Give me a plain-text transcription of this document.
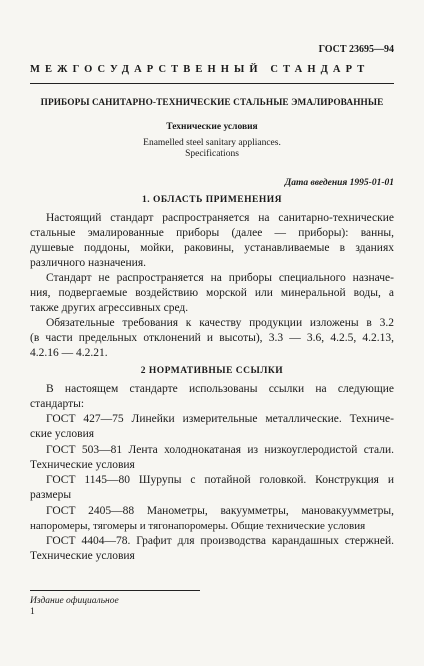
ГОСТ 23695—94
МЕЖГОСУДАРСТВЕННЫЙ СТАНДАРТ
ПРИБОРЫ САНИТАРНО-ТЕХНИЧЕСКИЕ СТАЛЬНЫЕ ЭМАЛИРОВАННЫЕ
Технические условия
Enamelled steel sanitary appliances.
Specifications
Дата введения 1995-01-01
1. ОБЛАСТЬ ПРИМЕНЕНИЯ
Настоящий стандарт распространяется на санитарно-технические
стальные эмалированные приборы (далее — приборы): ванны,
душевые поддоны, мойки, раковины, устанавливаемые в зданиях
различного назначения.
Стандарт не распространяется на приборы специального назначе-
ния, подвергаемые воздействию морской или минеральной воды, а
также других агрессивных сред.
Обязательные требования к качеству продукции изложены в 3.2
(в части предельных отклонений и высоты), 3.3 — 3.6, 4.2.5, 4.2.13,
4.2.16 — 4.2.21.
2 НОРМАТИВНЫЕ ССЫЛКИ
В настоящем стандарте использованы ссылки на следующие
стандарты:
ГОСТ 427—75 Линейки измерительные металлические. Техниче-
ские условия
ГОСТ 503—81 Лента холоднокатаная из низкоуглеродистой стали.
Технические условия
ГОСТ 1145—80 Шурупы с потайной головкой. Конструкция и
размеры
ГОСТ 2405—88 Манометры, вакуумметры, мановакуумметры,
напоромеры, тягомеры и тягонапоромеры. Общие технические условия
ГОСТ 4404—78. Графит для производства карандашных стержней.
Технические условия
Издание официальное
1
